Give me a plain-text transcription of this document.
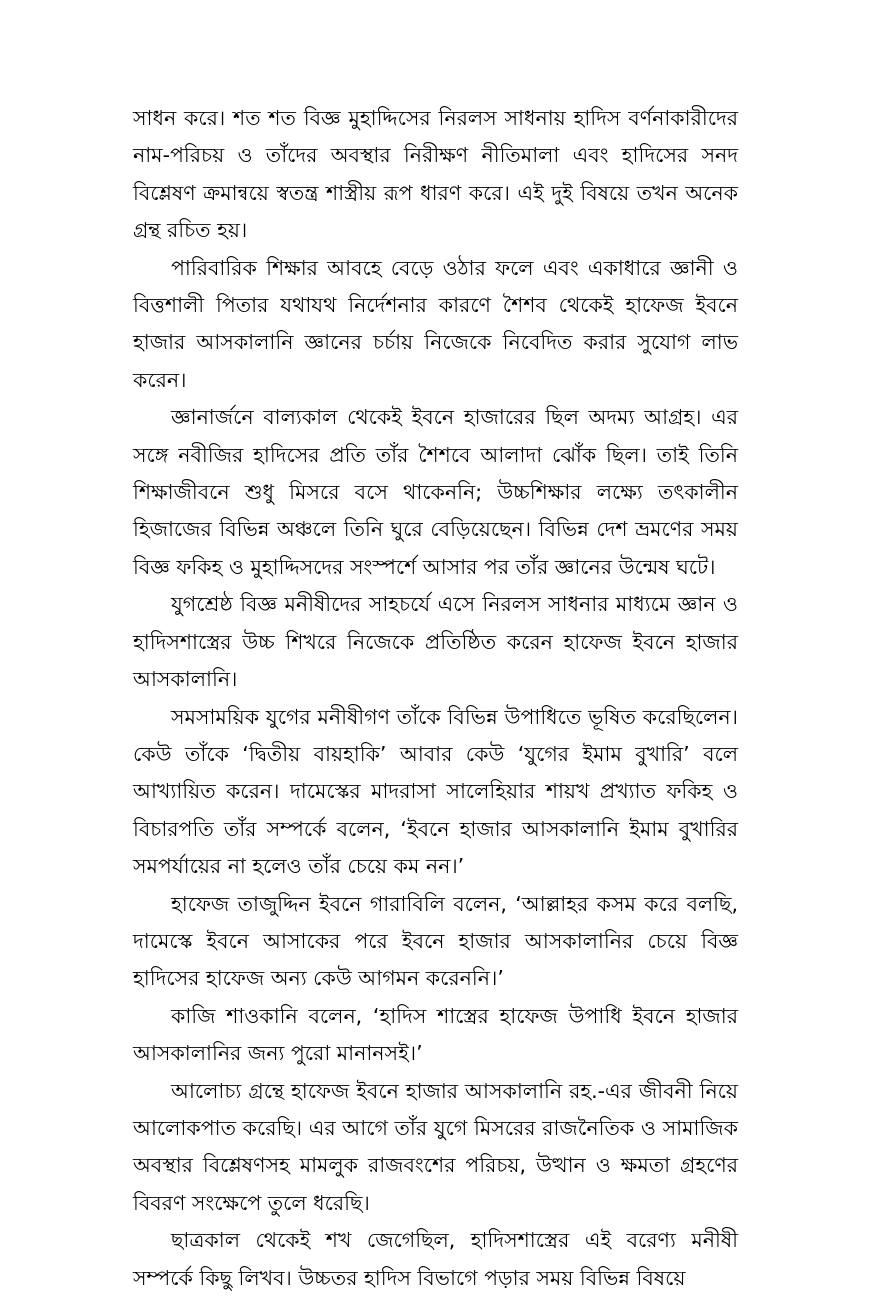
সাধন করে। শত শত বিজ্ঞ মুহাদ্দিসের নিরলস সাধনায় হাদিস বর্ণনাকারীদের নাম-পরিচয় ও তাঁদের অবস্থার নিরীক্ষণ নীতিমালা এবং হাদিসের সনদ বিশ্লেষণ ক্রমান্বয়ে স্বতন্ত্র শাস্ত্রীয় রূপ ধারণ করে। এই দুই বিষয়ে তখন অনেক গ্রন্থ রচিত হয়।

পারিবারিক শিক্ষার আবহে বেড়ে ওঠার ফলে এবং একাধারে জ্ঞানী ও বিত্তশালী পিতার যথাযথ নির্দেশনার কারণে শৈশব থেকেই হাফেজ ইবনে হাজার আসকালানি জ্ঞানের চর্চায় নিজেকে নিবেদিত করার সুযোগ লাভ করেন।

জ্ঞানার্জনে বাল্যকাল থেকেই ইবনে হাজারের ছিল অদম্য আগ্রহ। এর সঙ্গে নবীজির হাদিসের প্রতি তাঁর শৈশবে আলাদা ঝোঁক ছিল। তাই তিনি শিক্ষাজীবনে শুধু মিসরে বসে থাকেননি; উচ্চশিক্ষার লক্ষ্যে তৎকালীন হিজাজের বিভিন্ন অঞ্চলে তিনি ঘুরে বেড়িয়েছেন। বিভিন্ন দেশ ভ্রমণের সময় বিজ্ঞ ফকিহ ও মুহাদ্দিসদের সংস্পর্শে আসার পর তাঁর জ্ঞানের উন্মেষ ঘটে।

যুগশ্রেষ্ঠ বিজ্ঞ মনীষীদের সাহচর্যে এসে নিরলস সাধনার মাধ্যমে জ্ঞান ও হাদিসশাস্ত্রের উচ্চ শিখরে নিজেকে প্রতিষ্ঠিত করেন হাফেজ ইবনে হাজার আসকালানি।

সমসাময়িক যুগের মনীষীগণ তাঁকে বিভিন্ন উপাধিতে ভূষিত করেছিলেন। কেউ তাঁকে ‘দ্বিতীয় বায়হাকি’ আবার কেউ ‘যুগের ইমাম বুখারি’ বলে আখ্যায়িত করেন। দামেস্কের মাদরাসা সালেহিয়ার শায়খ প্রখ্যাত ফকিহ ও বিচারপতি তাঁর সম্পর্কে বলেন, ‘ইবনে হাজার আসকালানি ইমাম বুখারির সমপর্যায়ের না হলেও তাঁর চেয়ে কম নন।’

হাফেজ তাজুদ্দিন ইবনে গারাবিলি বলেন, ‘আল্লাহর কসম করে বলছি, দামেস্কে ইবনে আসাকের পরে ইবনে হাজার আসকালানির চেয়ে বিজ্ঞ হাদিসের হাফেজ অন্য কেউ আগমন করেননি।’

কাজি শাওকানি বলেন, ‘হাদিস শাস্ত্রের হাফেজ উপাধি ইবনে হাজার আসকালানির জন্য পুরো মানানসই।’

আলোচ্য গ্রন্থে হাফেজ ইবনে হাজার আসকালানি রহ.-এর জীবনী নিয়ে আলোকপাত করেছি। এর আগে তাঁর যুগে মিসরের রাজনৈতিক ও সামাজিক অবস্থার বিশ্লেষণসহ মামলুক রাজবংশের পরিচয়, উত্থান ও ক্ষমতা গ্রহণের বিবরণ সংক্ষেপে তুলে ধরেছি।

ছাত্রকাল থেকেই শখ জেগেছিল, হাদিসশাস্ত্রের এই বরেণ্য মনীষী সম্পর্কে কিছু লিখব। উচ্চতর হাদিস বিভাগে পড়ার সময় বিভিন্ন বিষয়ে
